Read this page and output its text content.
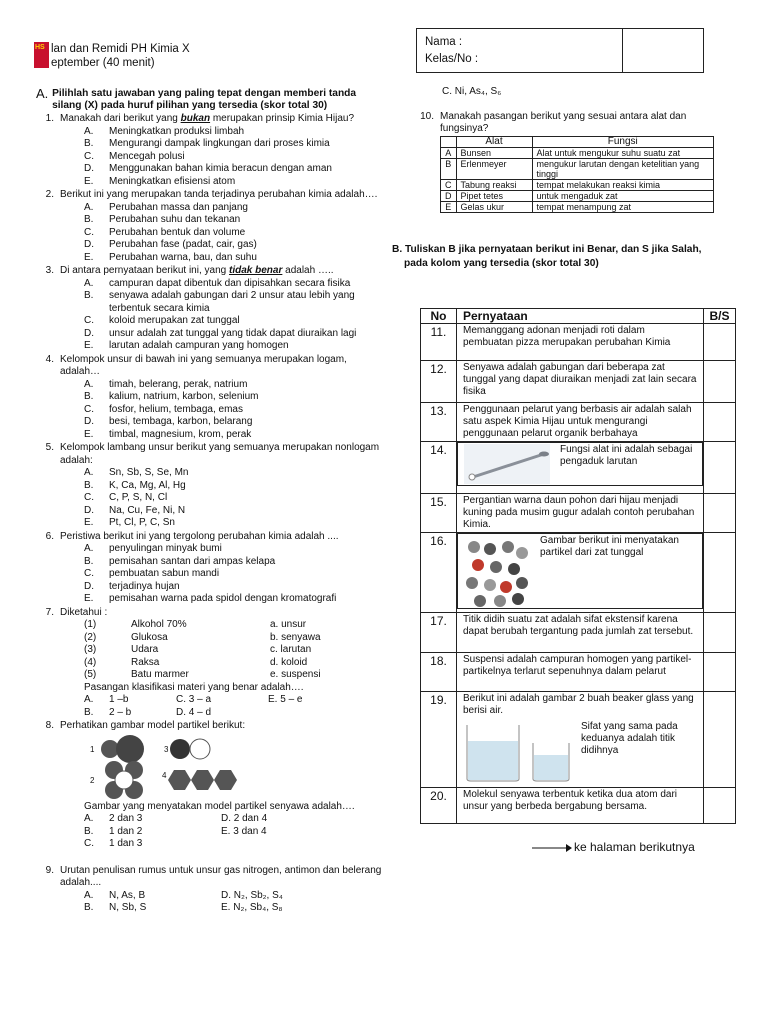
HS lan dan Remidi PH Kimia X
eptember (40 menit)
Nama :
Kelas/No :
A. Pilihlah satu jawaban yang paling tepat dengan memberi tanda silang (X) pada huruf pilihan yang tersedia (skor total 30)
1. Manakah dari berikut yang bukan merupakan prinsip Kimia Hijau?
A.	Meningkatkan produksi limbah
B.	Mengurangi dampak lingkungan dari proses kimia
C.	Mencegah polusi
D.	Menggunakan bahan kimia beracun dengan aman
E.	Meningkatkan efisiensi atom
2. Berikut ini yang merupakan tanda terjadinya perubahan kimia adalah….
A.	Perubahan massa dan panjang
B.	Perubahan suhu dan tekanan
C.	Perubahan bentuk dan volume
D.	Perubahan fase (padat, cair, gas)
E.	Perubahan warna, bau, dan suhu
3. Di antara pernyataan berikut ini, yang tidak benar adalah …..
A.	campuran dapat dibentuk dan dipisahkan secara fisika
B.	senyawa adalah gabungan dari 2 unsur atau lebih yang terbentuk secara kimia
C.	koloid merupakan zat tunggal
D.	unsur adalah zat tunggal yang tidak dapat diuraikan lagi
E.	larutan adalah campuran yang homogen
4. Kelompok unsur di bawah ini yang semuanya merupakan logam, adalah…
A.	timah, belerang, perak, natrium
B.	kalium, natrium, karbon, selenium
C.	fosfor, helium, tembaga, emas
D.	besi, tembaga, karbon, belarang
E.	timbal, magnesium, krom, perak
5. Kelompok lambang unsur berikut yang semuanya merupakan nonlogam adalah:
A.	Sn, Sb, S, Se, Mn
B.	K, Ca, Mg, Al, Hg
C.	C, P, S, N, Cl
D.	Na, Cu, Fe, Ni, N
E.	Pt, Cl, P, C, Sn
6. Peristiwa berikut ini yang tergolong perubahan kimia adalah ....
A.	penyulingan minyak bumi
B.	pemisahan santan dari ampas kelapa
C.	pembuatan sabun mandi
D.	terjadinya hujan
E.	pemisahan warna pada spidol dengan kromatografi
7. Diketahui :
(1)	Alkohol 70%	a. unsur
(2)	Glukosa	b. senyawa
(3)	Udara	c. larutan
(4)	Raksa	d. koloid
(5)	Batu marmer	e. suspensi
Pasangan klasifikasi materi yang benar adalah….
A.	1 –b	C. 3 – a	E. 5 – e
B.	2 – b	D. 4 – d
8. Perhatikan gambar model partikel berikut:
1	3
2
4
Gambar yang menyatakan model partikel senyawa adalah….
A.	2 dan 3	D. 2 dan 4
B.	1 dan 2	E. 3 dan 4
C.	1 dan 3
9. Urutan penulisan rumus untuk unsur gas nitrogen, antimon dan belerang adalah....
A.	N, As, B	D. N₂, Sb₂, S₄
B.	N, Sb, S	E. N₂, Sb₄, S₈
C. Ni, As₄, S₆
10. Manakah pasangan berikut yang sesuai antara alat dan fungsinya?
	Alat	Fungsi
A	Bunsen	Alat untuk mengukur suhu suatu zat
B	Erlenmeyer	mengukur larutan dengan ketelitian yang tinggi
C	Tabung reaksi	tempat melakukan reaksi kimia
D	Pipet tetes	untuk mengaduk zat
E	Gelas ukur	tempat menampung zat
B. Tuliskan B jika pernyataan berikut ini Benar, dan S jika Salah, pada kolom yang tersedia (skor total 30)
No	Pernyataan	B/S
11.	Memanggang adonan menjadi roti dalam pembuatan pizza merupakan perubahan Kimia	
12.	Senyawa adalah gabungan dari beberapa zat tunggal yang dapat diuraikan menjadi zat lain secara fisika	
13.	Penggunaan pelarut yang berbasis air adalah salah satu aspek Kimia Hijau untuk mengurangi penggunaan pelarut organik berbahaya	
14.		Fungsi alat ini adalah sebagai pengaduk larutan

15.	Pergantian warna daun pohon dari hijau menjadi kuning pada musim gugur adalah contoh perubahan Kimia.	
16.		Gambar berikut ini menyatakan partikel dari zat tunggal

17.	Titik didih suatu zat adalah sifat ekstensif karena dapat berubah tergantung pada jumlah zat tersebut.	
18.	Suspensi adalah campuran homogen yang partikel-partikelnya terlarut sepenuhnya dalam pelarut	
19.	Berikut ini adalah gambar 2 buah beaker glass yang berisi air.
Sifat yang sama pada keduanya adalah titik didihnya	

20.	Molekul senyawa terbentuk ketika dua atom dari unsur yang berbeda bergabung bersama.	
ke halaman berikutnya
